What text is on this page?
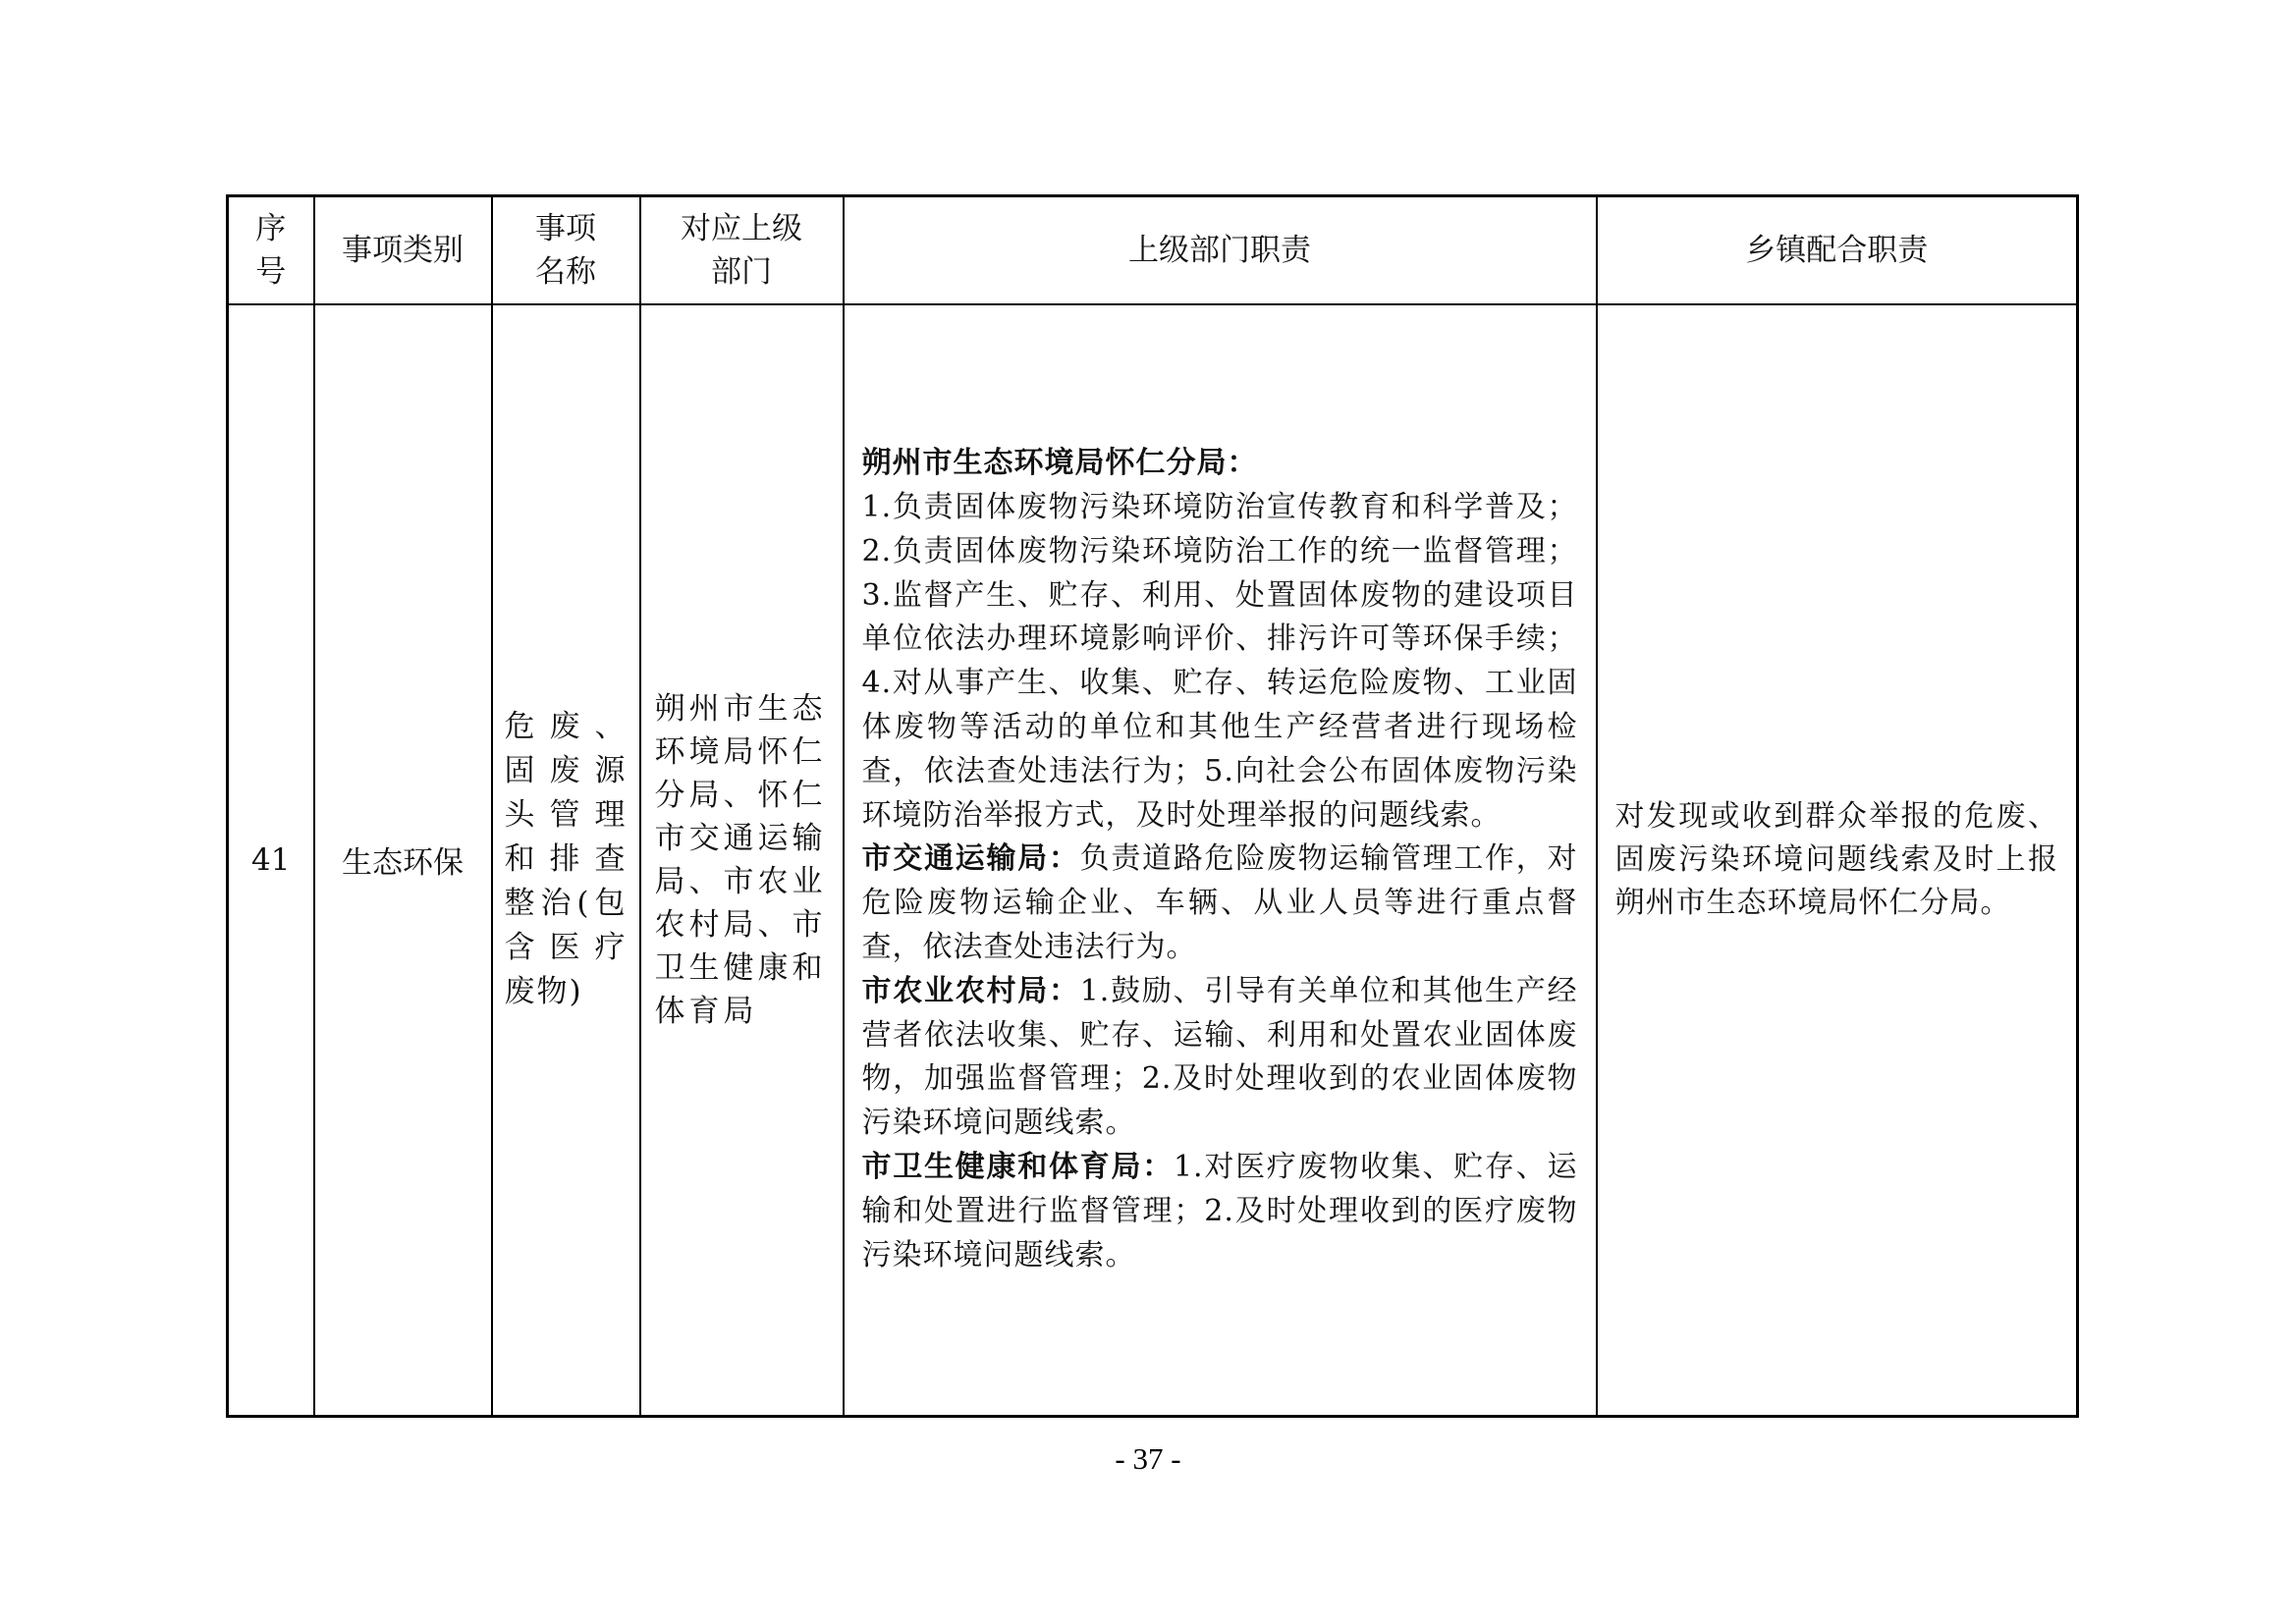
序号	事项类别	事项名称	对应上级部门	上级部门职责	乡镇配合职责
41	生态环保	危废、固废源头管理和排查整治(包含医疗废物)	朔州市生态环境局怀仁分局、怀仁市交通运输局、市农业农村局、市卫生健康和体育局	朔州市生态环境局怀仁分局：
1.负责固体废物污染环境防治宣传教育和科学普及；2.负责固体废物污染环境防治工作的统一监督管理；3.监督产生、贮存、利用、处置固体废物的建设项目单位依法办理环境影响评价、排污许可等环保手续；4.对从事产生、收集、贮存、转运危险废物、工业固体废物等活动的单位和其他生产经营者进行现场检查，依法查处违法行为；5.向社会公布固体废物污染环境防治举报方式，及时处理举报的问题线索。
市交通运输局：负责道路危险废物运输管理工作，对危险废物运输企业、车辆、从业人员等进行重点督查，依法查处违法行为。
市农业农村局：1.鼓励、引导有关单位和其他生产经营者依法收集、贮存、运输、利用和处置农业固体废物，加强监督管理；2.及时处理收到的农业固体废物污染环境问题线索。
市卫生健康和体育局：1.对医疗废物收集、贮存、运输和处置进行监督管理；2.及时处理收到的医疗废物污染环境问题线索。	对发现或收到群众举报的危废、固废污染环境问题线索及时上报朔州市生态环境局怀仁分局。
- 37 -
